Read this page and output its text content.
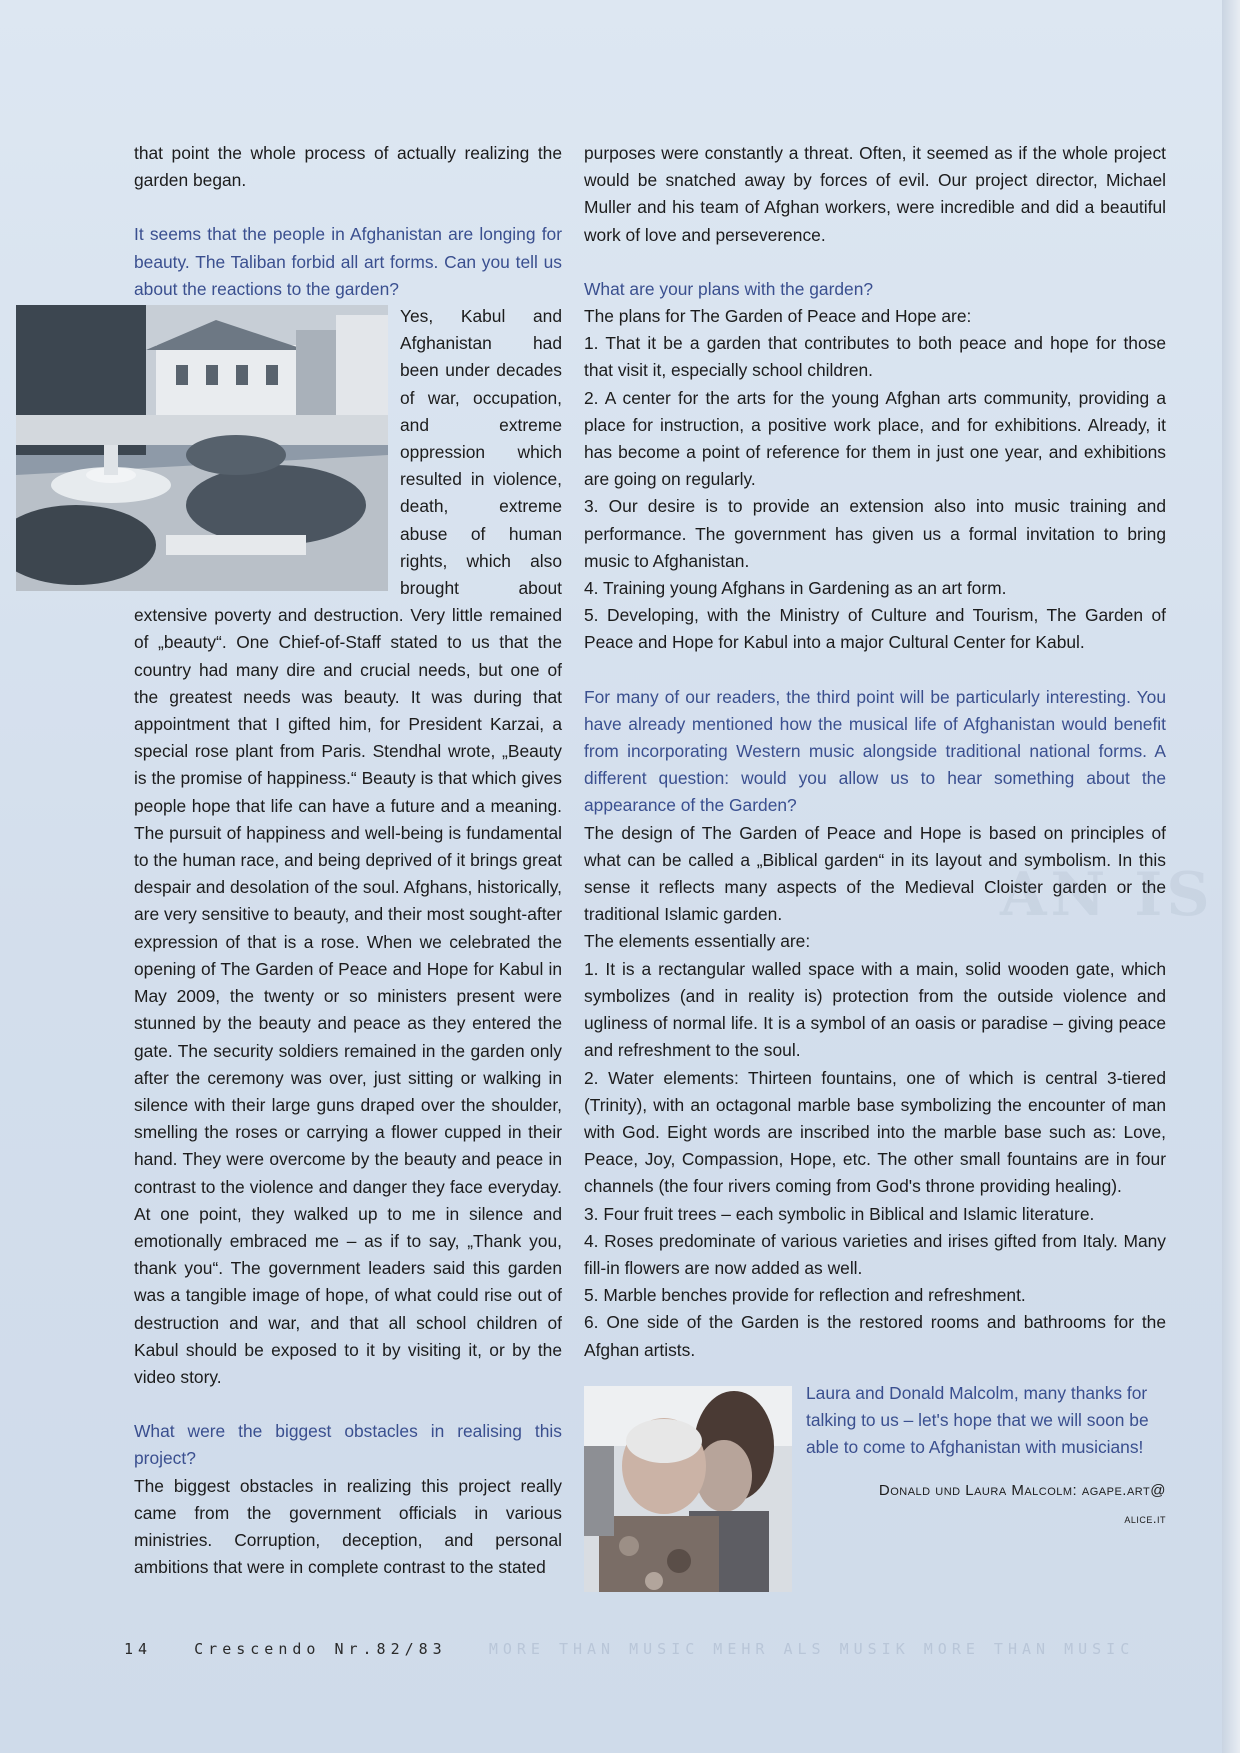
that point the whole process of actually realizing the garden began.

It seems that the people in Afghanistan are longing for beauty. The Taliban forbid all art forms. Can you tell us about the reactions to the garden?

Yes, Kabul and Afghanistan had been under decades of war, occupation, and extreme oppression which resulted in violence, death, extreme abuse of human rights, which also brought about extensive poverty and destruction. Very little remained of „beauty“. One Chief-of-Staff stated to us that the country had many dire and crucial needs, but one of the greatest needs was beauty. It was during that appointment that I gifted him, for President Karzai, a special rose plant from Paris. Stendhal wrote, „Beauty is the promise of happiness.“ Beauty is that which gives people hope that life can have a future and a meaning. The pursuit of happiness and well-being is fundamental to the human race, and being deprived of it brings great despair and desolation of the soul. Afghans, historically, are very sensitive to beauty, and their most sought-after expression of that is a rose. When we celebrated the opening of The Garden of Peace and Hope for Kabul in May 2009, the twenty or so ministers present were stunned by the beauty and peace as they entered the gate. The security soldiers remained in the garden only after the ceremony was over, just sitting or walking in silence with their large guns draped over the shoulder, smelling the roses or carrying a flower cupped in their hand. They were overcome by the beauty and peace in contrast to the violence and danger they face everyday. At one point, they walked up to me in silence and emotionally embraced me – as if to say, „Thank you, thank you“. The government leaders said this garden was a tangible image of hope, of what could rise out of destruction and war, and that all school children of Kabul should be exposed to it by visiting it, or by the video story.

What were the biggest obstacles in realising this project?

The biggest obstacles in realizing this project really came from the government officials in various ministries. Corruption, deception, and personal ambitions that were in complete contrast to the stated

purposes were constantly a threat. Often, it seemed as if the whole project would be snatched away by forces of evil. Our project director, Michael Muller and his team of Afghan workers, were incredible and did a beautiful work of love and perseverence.

What are your plans with the garden?

The plans for The Garden of Peace and Hope are:

1. That it be a garden that contributes to both peace and hope for those that visit it, especially school children.

2. A center for the arts for the young Afghan arts community, providing a place for instruction, a positive work place, and for exhibitions. Already, it has become a point of reference for them in just one year, and exhibitions are going on regularly.

3. Our desire is to provide an extension also into music training and performance. The government has given us a formal invitation to bring music to Afghanistan.

4. Training young Afghans in Gardening as an art form.

5. Developing, with the Ministry of Culture and Tourism, The Garden of Peace and Hope for Kabul into a major Cultural Center for Kabul.

For many of our readers, the third point will be particularly interesting. You have already mentioned how the musical life of Afghanistan would benefit from incorporating Western music alongside traditional national forms. A different question: would you allow us to hear something about the appearance of the Garden?

The design of The Garden of Peace and Hope is based on principles of what can be called a „Biblical garden“ in its layout and symbolism. In this sense it reflects many aspects of the Medieval Cloister garden or the traditional Islamic garden.

The elements essentially are:

1. It is a rectangular walled space with a main, solid wooden gate, which symbolizes (and in reality is) protection from the outside violence and ugliness of normal life. It is a symbol of an oasis or paradise – giving peace and refreshment to the soul.

2. Water elements: Thirteen fountains, one of which is central 3-tiered (Trinity), with an octagonal marble base symbolizing the encounter of man with God. Eight words are inscribed into the marble base such as: Love, Peace, Joy, Compassion, Hope, etc. The other small fountains are in four channels (the four rivers coming from God's throne providing healing).

3. Four fruit trees – each symbolic in Biblical and Islamic literature.

4. Roses predominate of various varieties and irises gifted from Italy. Many fill-in flowers are now added as well.

5. Marble benches provide for reflection and refreshment.

6. One side of the Garden is the restored rooms and bathrooms for the Afghan artists.

Laura and Donald Malcolm, many thanks for talking to us – let's hope that we will soon be able to come to Afghanistan with musicians!

Donald und Laura Malcolm: agape.art@
alice.it
AN IS
14	Crescendo Nr.82/83	MORE THAN MUSIC MEHR ALS MUSIK MORE THAN MUSIC
